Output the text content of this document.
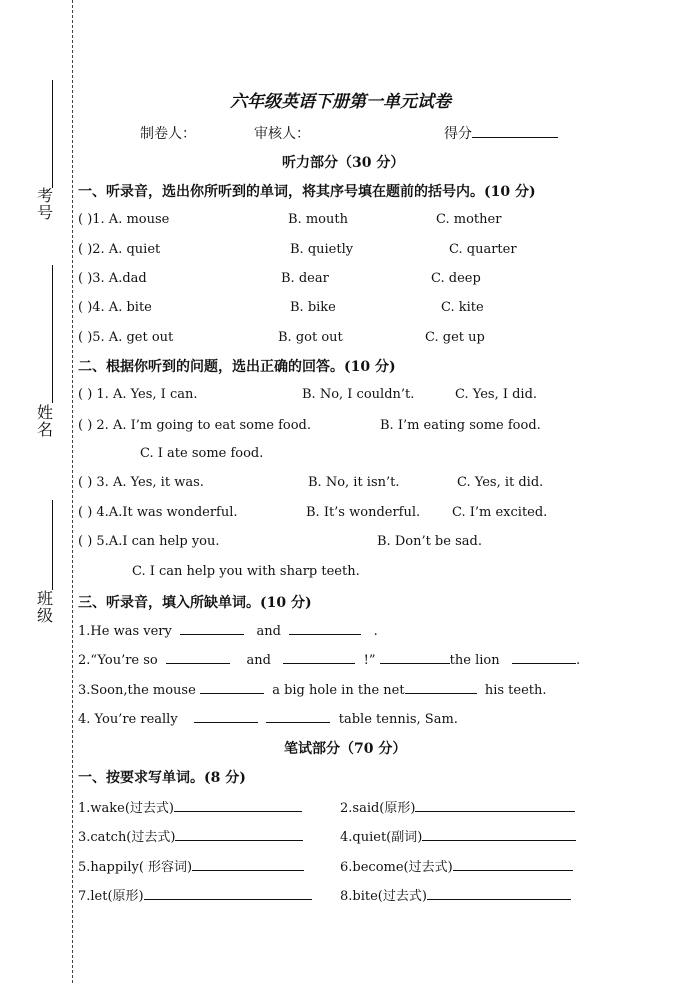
考号
姓名
班级
六年级英语下册第一单元试卷
制卷人：	审核人：	得分
听力部分（30 分）
一、听录音，选出你所听到的单词，将其序号填在题前的括号内。(10 分)
( )1. A. mouse	B. mouth	C. mother
( )2. A. quiet	B. quietly	C. quarter
( )3. A.dad	B. dear	C. deep
( )4. A. bite	B. bike	C. kite
( )5. A. get out	B. got out	C. get up
二、根据你听到的问题，选出正确的回答。(10 分)
( ) 1. A. Yes, I can.	B. No, I couldn’t.	C. Yes, I did.
( ) 2. A. I’m going to eat some food.	B. I’m eating some food.
C. I ate some food.
( ) 3. A. Yes, it was.	B. No, it isn’t.	C. Yes, it did.
( ) 4.A.It was wonderful.	B. It’s wonderful. C. I’m excited.
( ) 5.A.I can help you.	B. Don’t be sad.
C. I can help you with sharp teeth.
三、听录音，填入所缺单词。(10 分)
1.He was very	and	.
2.“You’re so	and	!”	the lion	.
3.Soon,the mouse	a big hole in the net	his teeth.
4. You’re really	table tennis, Sam.
笔试部分（70 分）
一、按要求写单词。(8 分)
1.wake(过去式)	2.said(原形)
3.catch(过去式)	4.quiet(副词)
5.happily( 形容词)	6.become(过去式)
7.let(原形)	8.bite(过去式)
